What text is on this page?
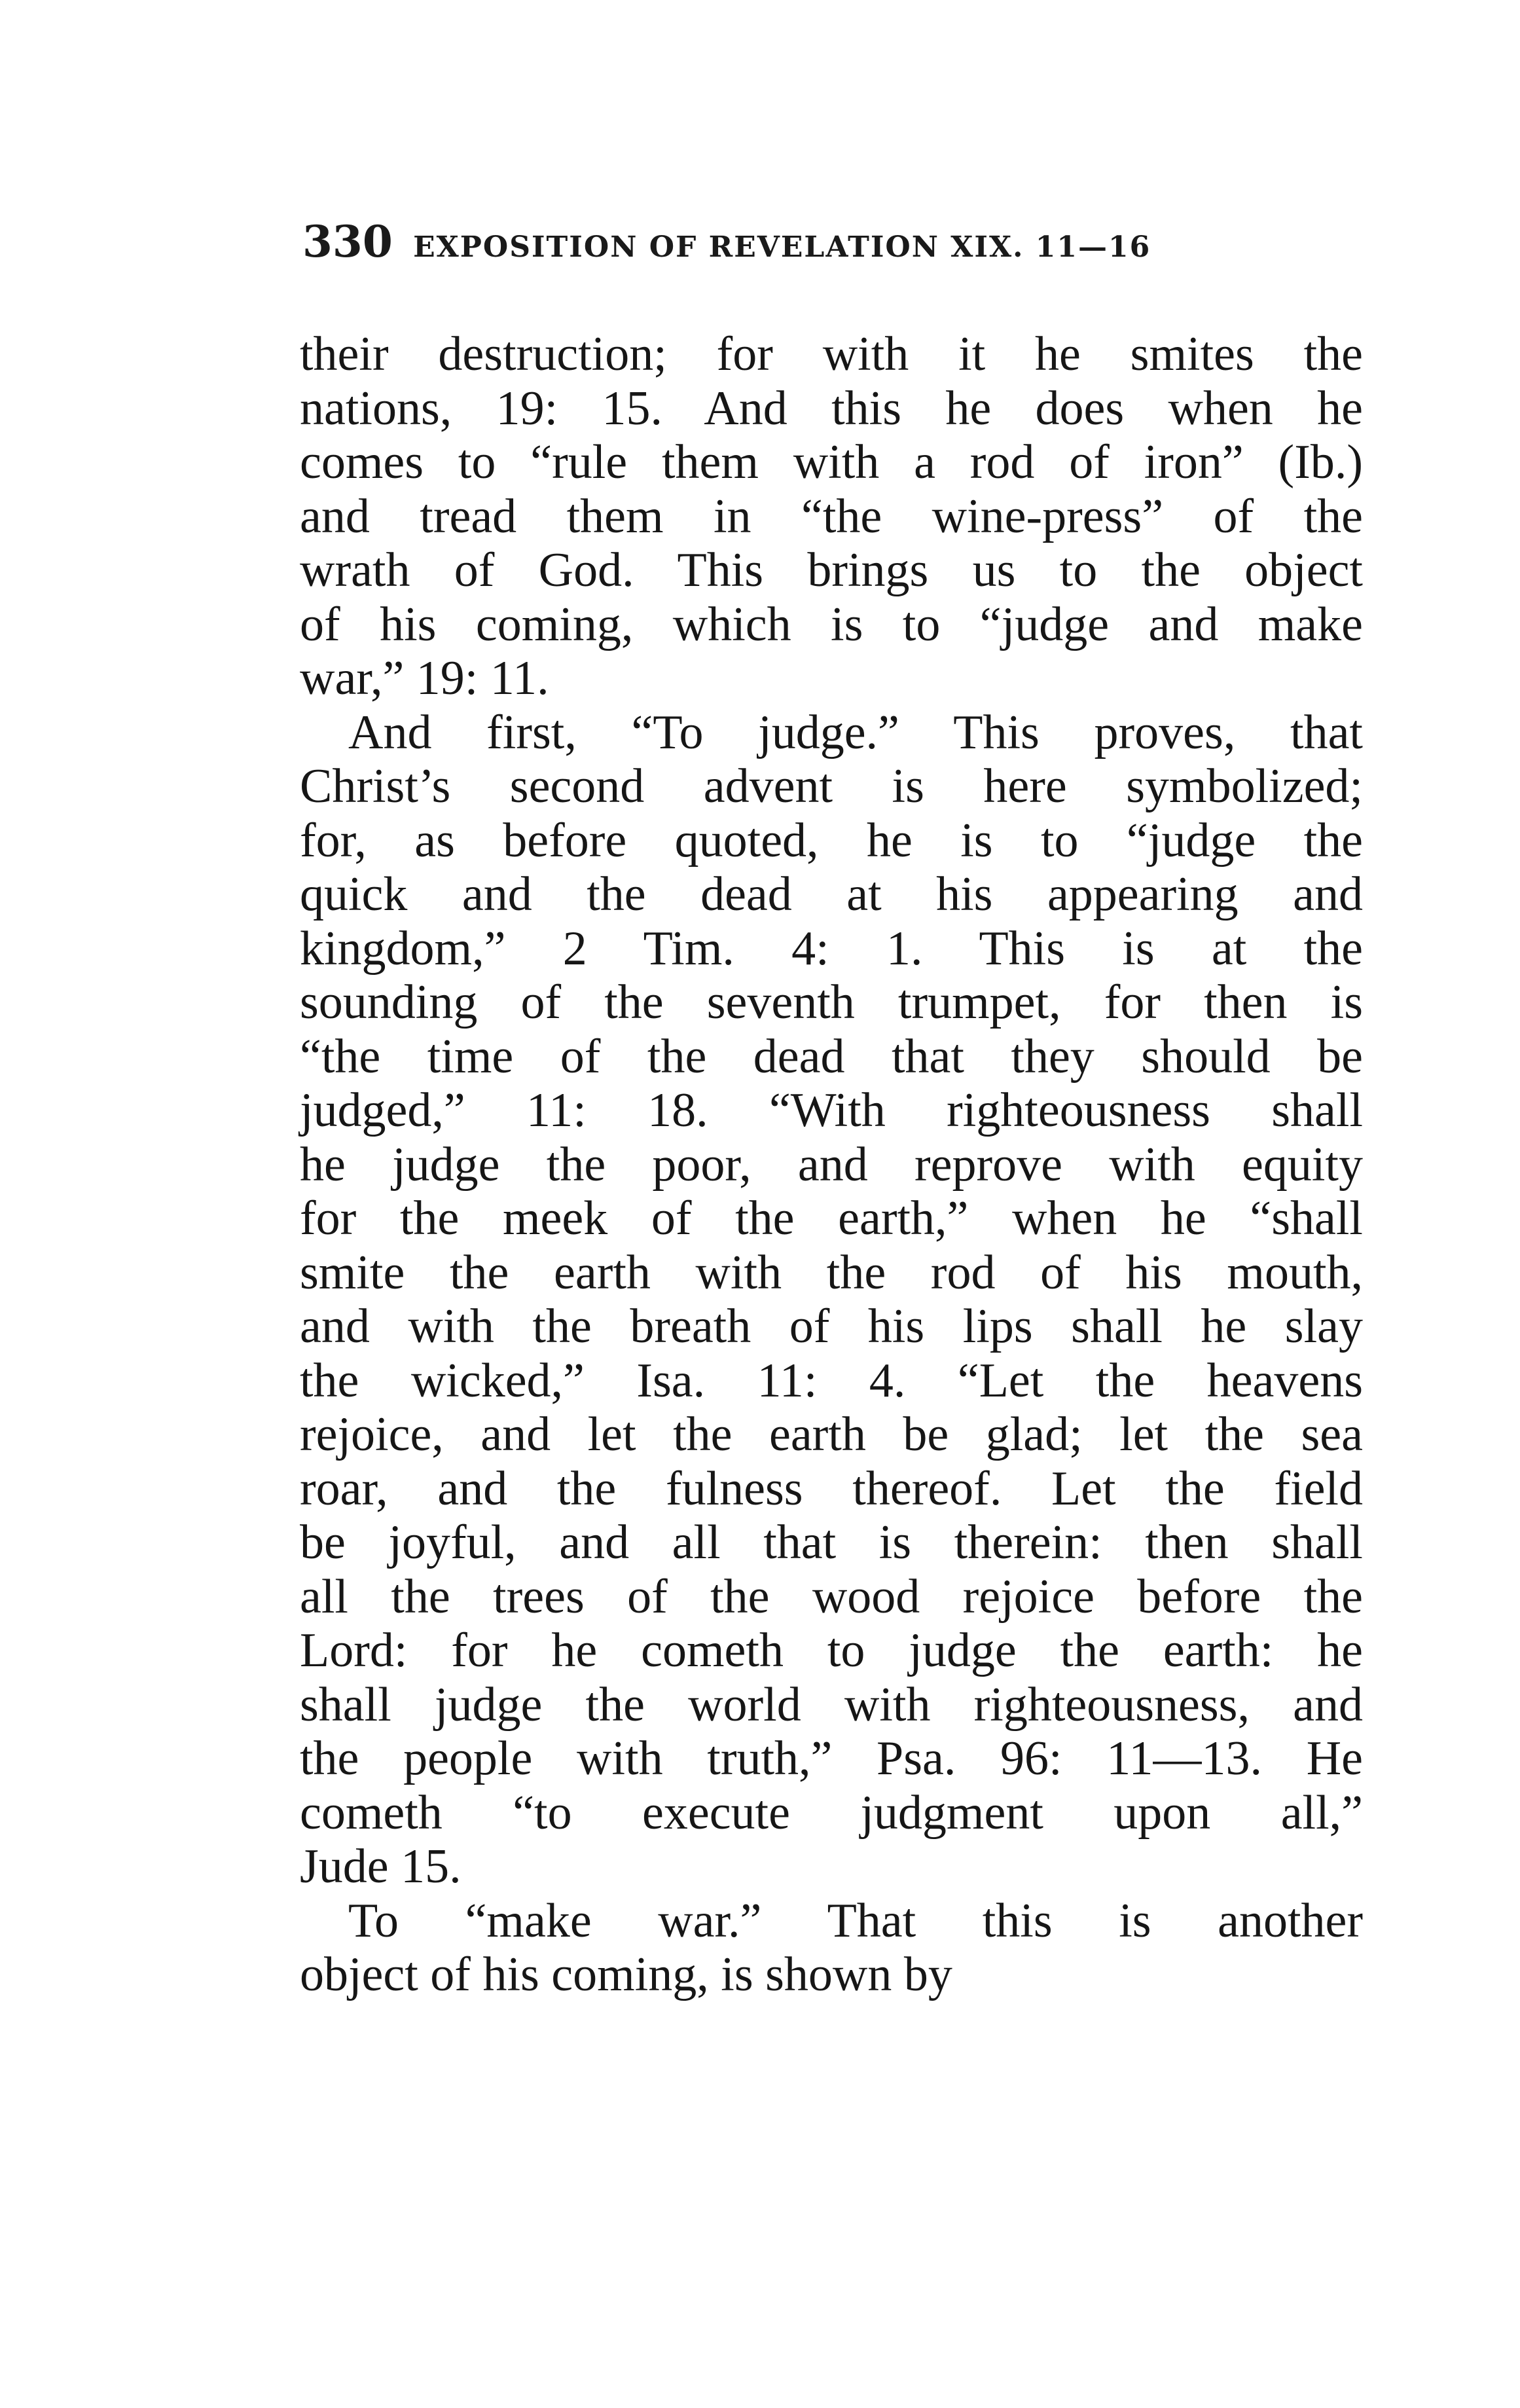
330 EXPOSITION OF REVELATION XIX. 11—16
their destruction; for with it he smites the
nations, 19: 15. And this he does when he
comes to “rule them with a rod of iron” (Ib.)
and tread them in “the wine-press” of the
wrath of God. This brings us to the object
of his coming, which is to “judge and make
war,” 19: 11.
And first, “To judge.” This proves, that
Christ’s second advent is here symbolized;
for, as before quoted, he is to “judge the
quick and the dead at his appearing and
kingdom,” 2 Tim. 4: 1. This is at the
sounding of the seventh trumpet, for then is
“the time of the dead that they should be
judged,” 11: 18. “With righteousness shall
he judge the poor, and reprove with equity
for the meek of the earth,” when he “shall
smite the earth with the rod of his mouth,
and with the breath of his lips shall he slay
the wicked,” Isa. 11: 4. “Let the heavens
rejoice, and let the earth be glad; let the sea
roar, and the fulness thereof. Let the field
be joyful, and all that is therein: then shall
all the trees of the wood rejoice before the
Lord: for he cometh to judge the earth: he
shall judge the world with righteousness, and
the people with truth,” Psa. 96: 11—13. He
cometh “to execute judgment upon all,”
Jude 15.
To “make war.” That this is another
object of his coming, is shown by
